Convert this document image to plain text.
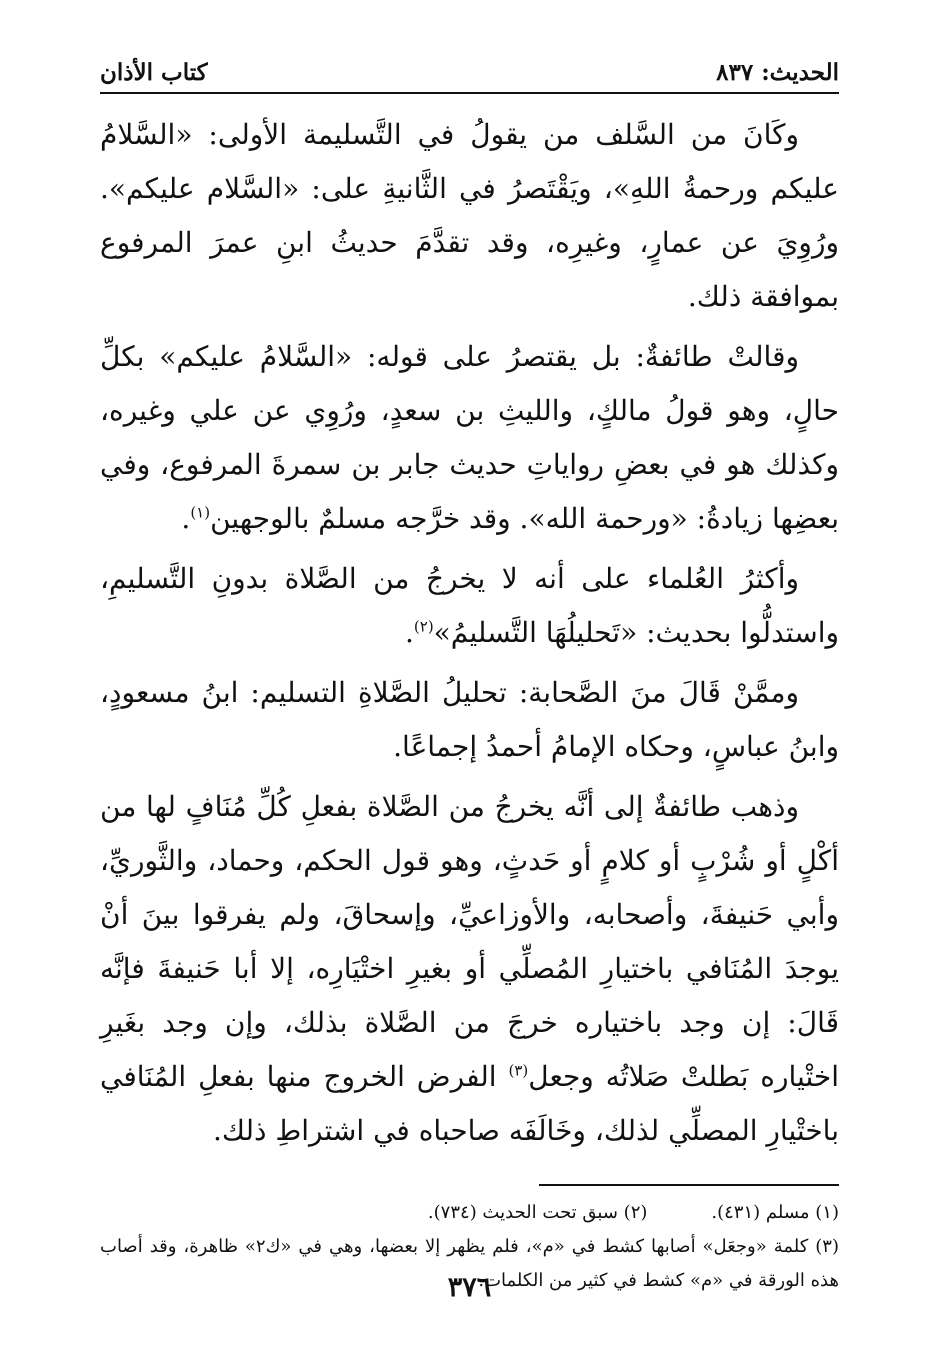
الحديث: ٨٣٧
كتاب الأذان

وكَانَ من السَّلف من يقولُ في التَّسليمة الأولى: «السَّلامُ عليكم ورحمةُ اللهِ»، ويَقْتَصرُ في الثَّانيةِ على: «السَّلام عليكم». ورُوِيَ عن عمارٍ، وغيرِه، وقد تقدَّمَ حديثُ ابنِ عمرَ المرفوع بموافقة ذلك.

وقالتْ طائفةٌ: بل يقتصرُ على قوله: «السَّلامُ عليكم» بكلِّ حالٍ، وهو قولُ مالكٍ، والليثِ بن سعدٍ، ورُوِي عن علي وغيره، وكذلك هو في بعضِ رواياتِ حديث جابر بن سمرةَ المرفوع، وفي بعضِها زيادةُ: «ورحمة الله». وقد خرَّجه مسلمٌ بالوجهين$^{(١)}$.

وأكثرُ العُلماء على أنه لا يخرجُ من الصَّلاة بدونِ التَّسليمِ، واستدلُّوا بحديث: «تَحليلُهَا التَّسليمُ»$^{(٢)}$.

وممَّنْ قَالَ منَ الصَّحابة: تحليلُ الصَّلاةِ التسليم: ابنُ مسعودٍ، وابنُ عباسٍ، وحكاه الإمامُ أحمدُ إجماعًا.

وذهب طائفةٌ إلى أنَّه يخرجُ من الصَّلاة بفعلِ كُلِّ مُنَافٍ لها من أكْلٍ أو شُرْبٍ أو كلامٍ أو حَدثٍ، وهو قول الحكم، وحماد، والثَّوريِّ، وأبي حَنيفةَ، وأصحابه، والأوزاعيِّ، وإسحاقَ، ولم يفرقوا بينَ أنْ يوجدَ المُنَافي باختيارِ المُصلِّي أو بغيرِ اختْيَارِه، إلا أبا حَنيفةَ فإنَّه قَالَ: إن وجد باختياره خرجَ من الصَّلاة بذلك، وإن وجد بغَيرِ اختْياره بَطلتْ صَلاتُه وجعل$^{(٣)}$ الفرض الخروج منها بفعلِ المُنَافي باختْيارِ المصلِّي لذلك، وخَالَفَه صاحباه في اشتراطِ ذلك.

(١) مسلم (٤٣١).
(٢) سبق تحت الحديث (٧٣٤).

(٣) كلمة «وجعَل» أصابها كشط في «م»، فلم يظهر إلا بعضها، وهي في «ك٢» ظاهرة، وقد أصاب هذه الورقة في «م» كشط في كثير من الكلمات.

٣٧٦
